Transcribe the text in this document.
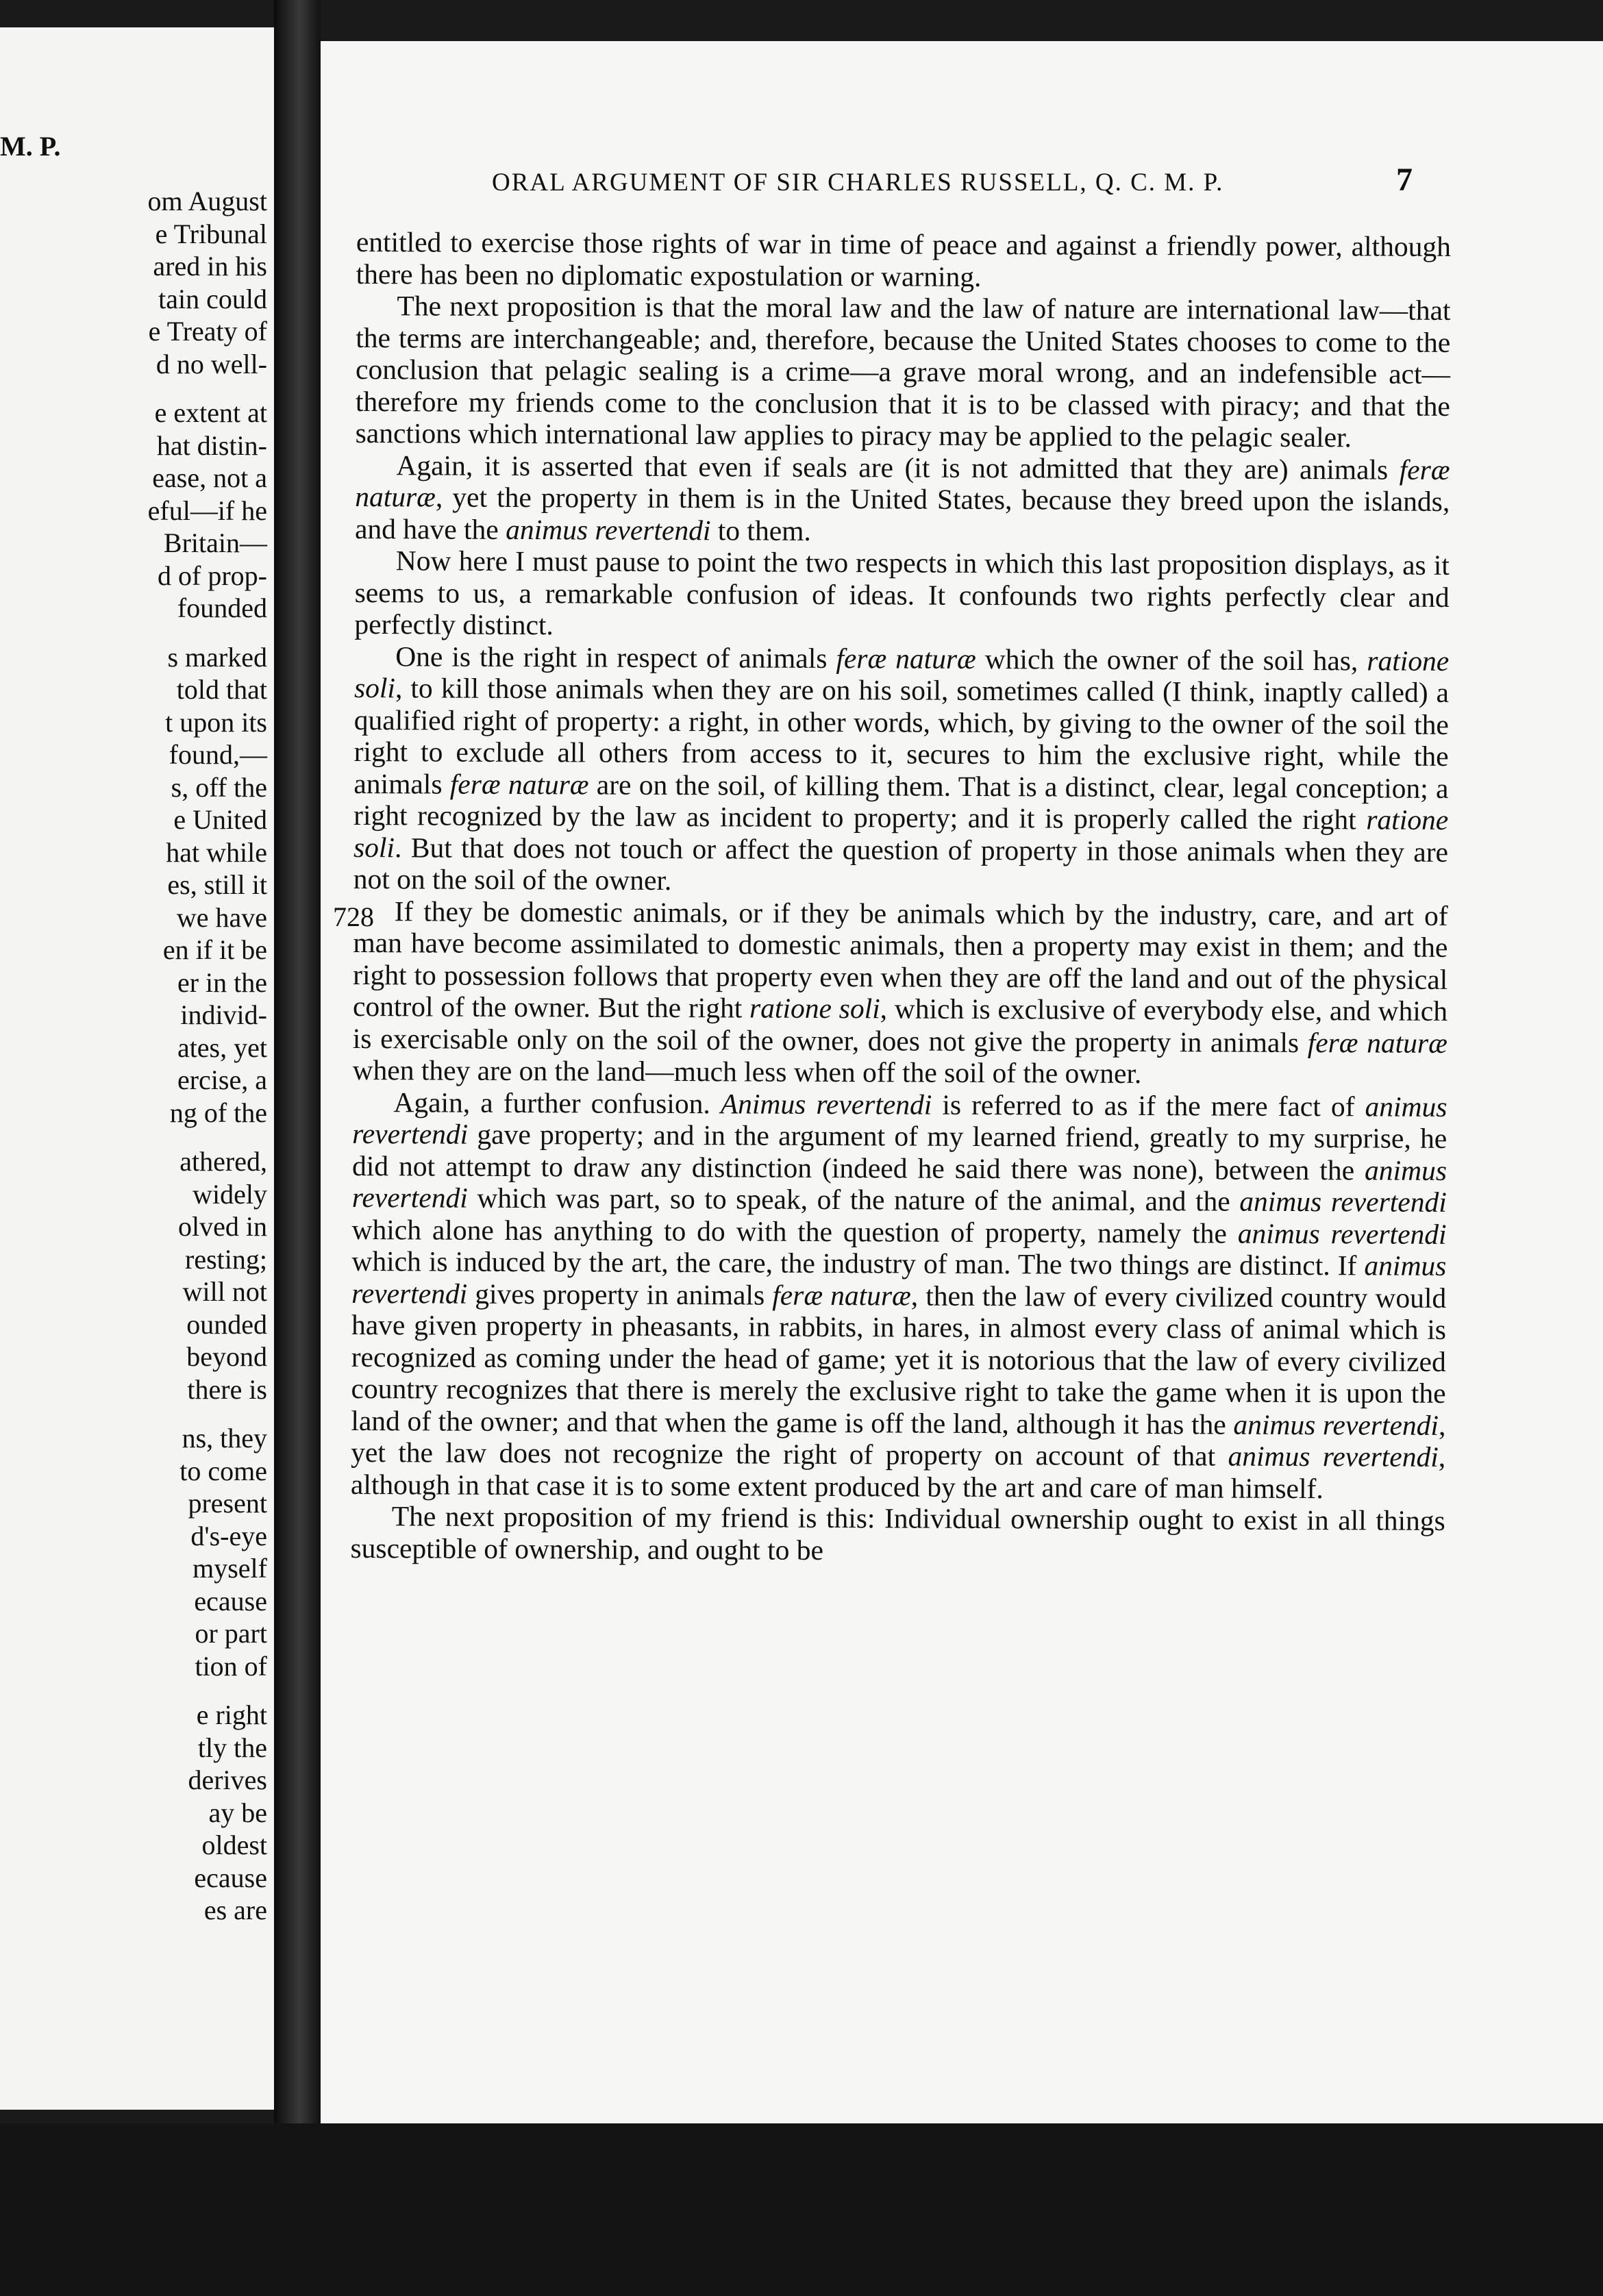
M. P.
om August
e Tribunal
ared in his
tain could
e Treaty of
d no well-
e extent at
hat distin-
ease, not a
eful—if he
Britain—
d of prop-
founded
s marked
told that
t upon its
found,—
s, off the
e United
hat while
es, still it
we have
en if it be
er in the
individ-
ates, yet
ercise, a
ng of the
athered,
widely
olved in
resting;
will not
ounded
beyond
there is
ns, they
to come
present
d's-eye
myself
ecause
or part
tion of
e right
tly the
derives
ay be
oldest
ecause
es are
ORAL ARGUMENT OF SIR CHARLES RUSSELL, Q. C. M. P.	7
728

entitled to exercise those rights of war in time of peace and against a friendly power, although there has been no diplomatic expostulation or warning.

The next proposition is that the moral law and the law of nature are international law—that the terms are interchangeable; and, therefore, because the United States chooses to come to the conclusion that pelagic sealing is a crime—a grave moral wrong, and an indefensible act—therefore my friends come to the conclusion that it is to be classed with piracy; and that the sanctions which international law applies to piracy may be applied to the pelagic sealer.

Again, it is asserted that even if seals are (it is not admitted that they are) animals feræ naturæ, yet the property in them is in the United States, because they breed upon the islands, and have the animus revertendi to them.

Now here I must pause to point the two respects in which this last proposition displays, as it seems to us, a remarkable confusion of ideas. It confounds two rights perfectly clear and perfectly distinct.

One is the right in respect of animals feræ naturæ which the owner of the soil has, ratione soli, to kill those animals when they are on his soil, sometimes called (I think, inaptly called) a qualified right of property: a right, in other words, which, by giving to the owner of the soil the right to exclude all others from access to it, secures to him the exclusive right, while the animals feræ naturæ are on the soil, of killing them. That is a distinct, clear, legal conception; a right recognized by the law as incident to property; and it is properly called the right ratione soli. But that does not touch or affect the question of property in those animals when they are not on the soil of the owner.

If they be domestic animals, or if they be animals which by the industry, care, and art of man have become assimilated to domestic animals, then a property may exist in them; and the right to possession follows that property even when they are off the land and out of the physical control of the owner. But the right ratione soli, which is exclusive of everybody else, and which is exercisable only on the soil of the owner, does not give the property in animals feræ naturæ when they are on the land—much less when off the soil of the owner.

Again, a further confusion. Animus revertendi is referred to as if the mere fact of animus revertendi gave property; and in the argument of my learned friend, greatly to my surprise, he did not attempt to draw any distinction (indeed he said there was none), between the animus revertendi which was part, so to speak, of the nature of the animal, and the animus revertendi which alone has anything to do with the question of property, namely the animus revertendi which is induced by the art, the care, the industry of man. The two things are distinct. If animus revertendi gives property in animals feræ naturæ, then the law of every civilized country would have given property in pheasants, in rabbits, in hares, in almost every class of animal which is recognized as coming under the head of game; yet it is notorious that the law of every civilized country recognizes that there is merely the exclusive right to take the game when it is upon the land of the owner; and that when the game is off the land, although it has the animus revertendi, yet the law does not recognize the right of property on account of that animus revertendi, although in that case it is to some extent produced by the art and care of man himself.

The next proposition of my friend is this: Individual ownership ought to exist in all things susceptible of ownership, and ought to be
